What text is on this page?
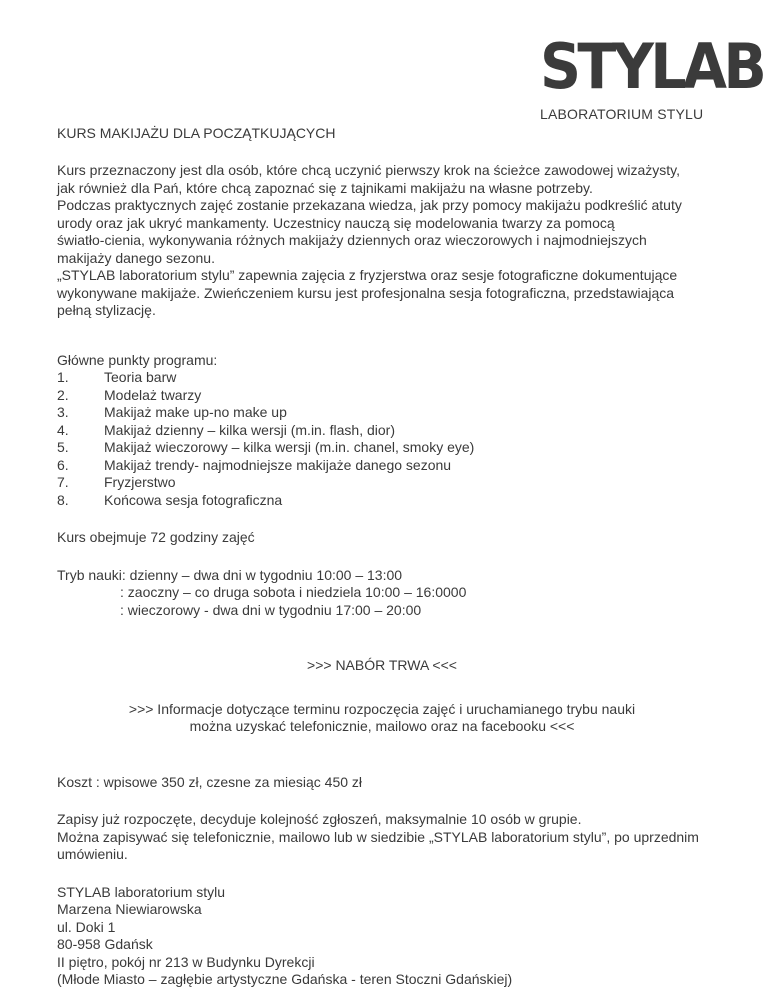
STYLAB
LABORATORIUM STYLU
KURS MAKIJAŻU DLA POCZĄTKUJĄCYCH

Kurs przeznaczony jest dla osób, które chcą uczynić pierwszy krok na ścieżce zawodowej wizażysty,

jak również dla Pań, które chcą zapoznać się z tajnikami makijażu na własne potrzeby.

Podczas praktycznych zajęć zostanie przekazana wiedza, jak przy pomocy makijażu podkreślić atuty

urody oraz jak ukryć mankamenty. Uczestnicy nauczą się modelowania twarzy za pomocą

światło-cienia, wykonywania różnych makijaży dziennych oraz wieczorowych i najmodniejszych

makijaży danego sezonu.

„STYLAB laboratorium stylu” zapewnia zajęcia z fryzjerstwa oraz sesje fotograficzne dokumentujące

wykonywane makijaże. Zwieńczeniem kursu jest profesjonalna sesja fotograficzna, przedstawiająca

pełną stylizację.

Główne punkty programu:

1.	Teoria barw
2.	Modelaż twarzy
3.	Makijaż make up-no make up
4.	Makijaż dzienny – kilka wersji (m.in. flash, dior)
5.	Makijaż wieczorowy – kilka wersji (m.in. chanel, smoky eye)
6.	Makijaż trendy- najmodniejsze makijaże danego sezonu
7.	Fryzjerstwo
8.	Końcowa sesja fotograficzna

Kurs obejmuje 72 godziny zajęć

Tryb nauki: dzienny – dwa dni w tygodniu 10:00 – 13:00

: zaoczny – co druga sobota i niedziela 10:00 – 16:0000

: wieczorowy - dwa dni w tygodniu 17:00 – 20:00

>>> NABÓR TRWA <<<

>>> Informacje dotyczące terminu rozpoczęcia zajęć i uruchamianego trybu nauki

można uzyskać telefonicznie, mailowo oraz na facebooku <<<

Koszt : wpisowe 350 zł, czesne za miesiąc 450 zł

Zapisy już rozpoczęte, decyduje kolejność zgłoszeń, maksymalnie 10 osób w grupie.

Można zapisywać się telefonicznie, mailowo lub w siedzibie „STYLAB laboratorium stylu”, po uprzednim

umówieniu.

STYLAB laboratorium stylu

Marzena Niewiarowska

ul. Doki 1

80-958 Gdańsk

II piętro, pokój nr 213 w Budynku Dyrekcji

(Młode Miasto – zagłębie artystyczne Gdańska - teren Stoczni Gdańskiej)
